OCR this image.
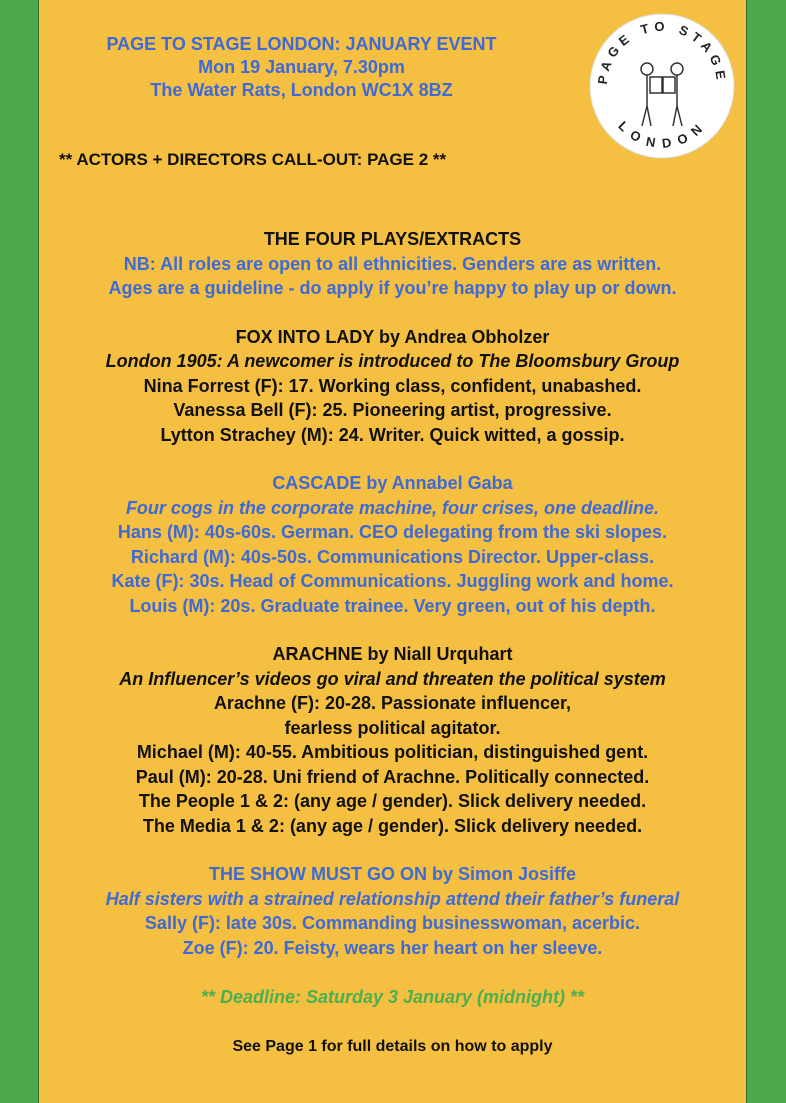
PAGE TO STAGE LONDON: JANUARY EVENT
Mon 19 January, 7.30pm
The Water Rats, London WC1X 8BZ
** ACTORS + DIRECTORS CALL-OUT: PAGE 2 **
PAGE TO STAGE
LONDON
THE FOUR PLAYS/EXTRACTS
NB: All roles are open to all ethnicities. Genders are as written.
Ages are a guideline - do apply if you’re happy to play up or down.
FOX INTO LADY by Andrea Obholzer
London 1905: A newcomer is introduced to The Bloomsbury Group
Nina Forrest (F): 17. Working class, confident, unabashed.
Vanessa Bell (F): 25. Pioneering artist, progressive.
Lytton Strachey (M): 24. Writer. Quick witted, a gossip.
CASCADE by Annabel Gaba
Four cogs in the corporate machine, four crises, one deadline.
Hans (M): 40s-60s. German. CEO delegating from the ski slopes.
Richard (M): 40s-50s. Communications Director. Upper-class.
Kate (F): 30s. Head of Communications. Juggling work and home.
Louis (M): 20s. Graduate trainee. Very green, out of his depth.
ARACHNE by Niall Urquhart
An Influencer’s videos go viral and threaten the political system
Arachne (F): 20-28. Passionate influencer, fearless political agitator.
Michael (M): 40-55. Ambitious politician, distinguished gent.
Paul (M): 20-28. Uni friend of Arachne. Politically connected.
The People 1 & 2: (any age / gender). Slick delivery needed.
The Media 1 & 2: (any age / gender). Slick delivery needed.
THE SHOW MUST GO ON by Simon Josiffe
Half sisters with a strained relationship attend their father’s funeral
Sally (F): late 30s. Commanding businesswoman, acerbic.
Zoe (F): 20. Feisty, wears her heart on her sleeve.
** Deadline: Saturday 3 January (midnight) **
See Page 1 for full details on how to apply
